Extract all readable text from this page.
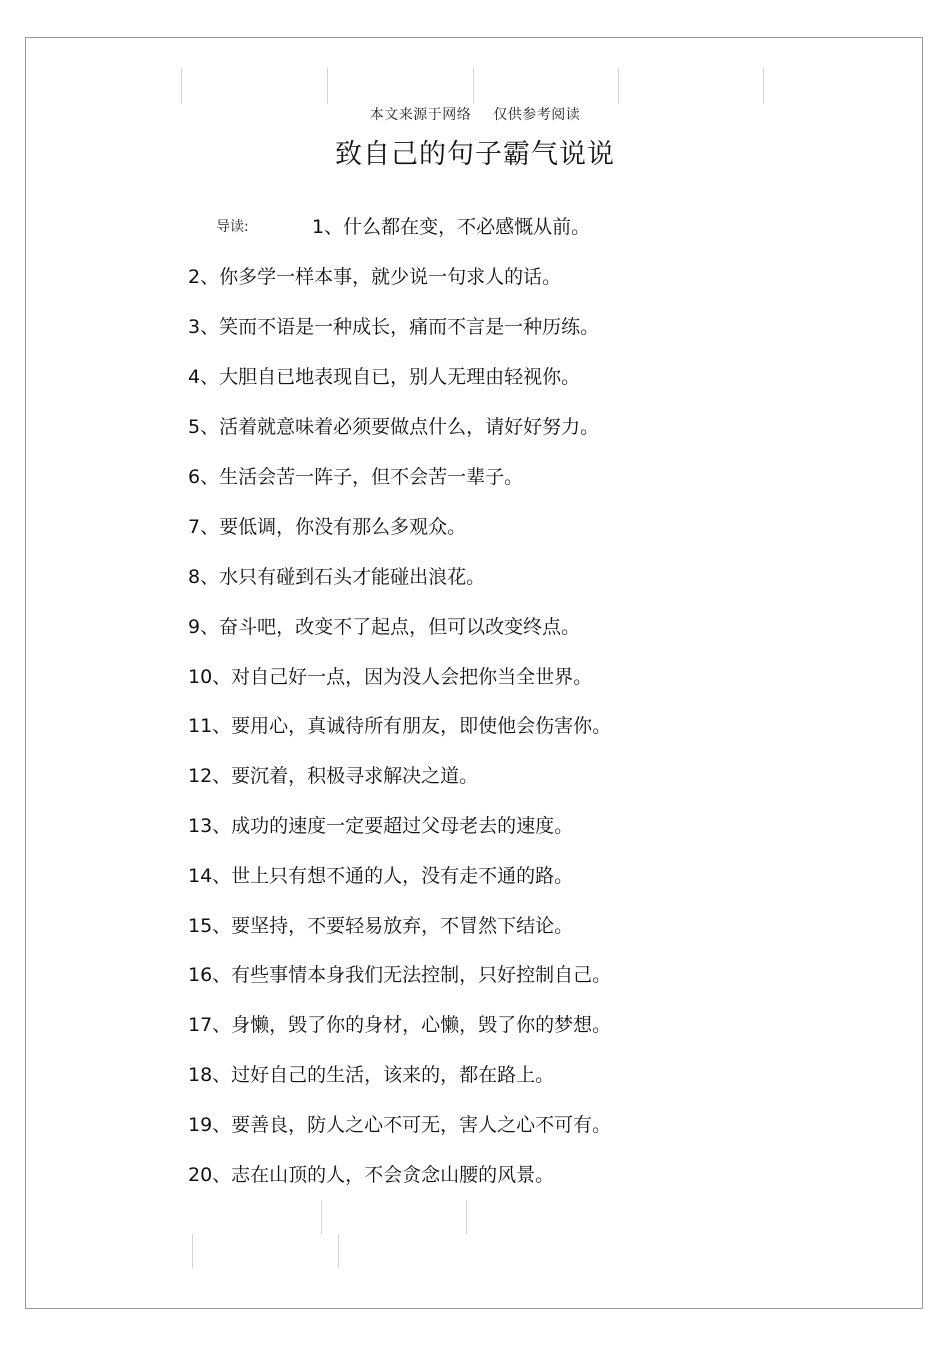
本文来源于网络 仅供参考阅读
致自己的句子霸气说说
导读:	1、什么都在变，不必感慨从前。
2、你多学一样本事，就少说一句求人的话。
3、笑而不语是一种成长，痛而不言是一种历练。
4、大胆自已地表现自已，别人无理由轻视你。
5、活着就意味着必须要做点什么，请好好努力。
6、生活会苦一阵子，但不会苦一辈子。
7、要低调，你没有那么多观众。
8、水只有碰到石头才能碰出浪花。
9、奋斗吧，改变不了起点，但可以改变终点。
10、对自己好一点，因为没人会把你当全世界。
11、要用心，真诚待所有朋友，即使他会伤害你。
12、要沉着，积极寻求解决之道。
13、成功的速度一定要超过父母老去的速度。
14、世上只有想不通的人，没有走不通的路。
15、要坚持，不要轻易放弃，不冒然下结论。
16、有些事情本身我们无法控制，只好控制自己。
17、身懒，毁了你的身材，心懒，毁了你的梦想。
18、过好自己的生活，该来的，都在路上。
19、要善良，防人之心不可无，害人之心不可有。
20、志在山顶的人，不会贪念山腰的风景。
